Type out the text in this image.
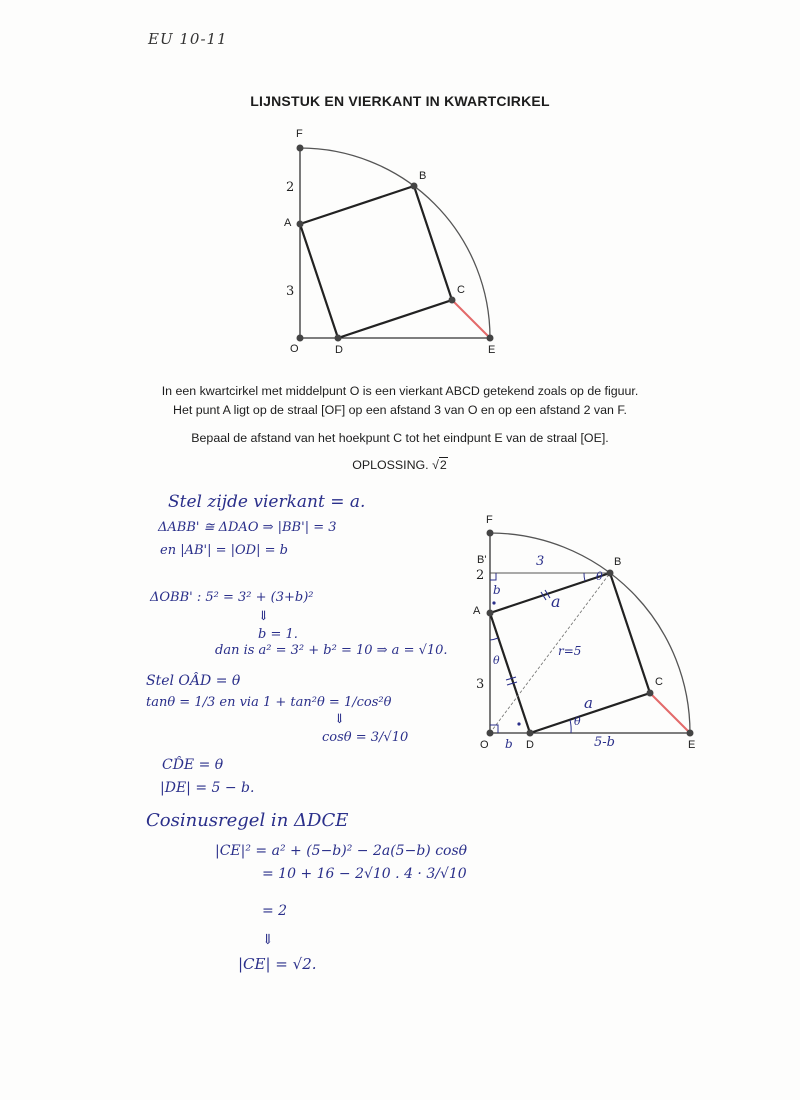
EU 10-11
LIJNSTUK EN VIERKANT IN KWARTCIRKEL
F
B
A
C
O	D	E
2
3
In een kwartcirkel met middelpunt O is een vierkant ABCD getekend zoals op de figuur.
Het punt A ligt op de straal [OF] op een afstand 3 van O en op een afstand 2 van F.
Bepaal de afstand van het hoekpunt C tot het eindpunt E van de straal [OE].
OPLOSSING. √2
F
B'	B
A
C
O	D	E
2
3
3
a
a
r=5
5-b
b
b
θ
θ
θ
Stel zijde vierkant = a.
ΔABB' ≅ ΔDAO ⇒ |BB'| = 3
en |AB'| = |OD| = b
ΔOBB' : 5² = 3² + (3+b)²
⇓
b = 1.
dan is a² = 3² + b² = 10 ⇒ a = √10.
Stel OÂD = θ
tanθ = 1/3 en via 1 + tan²θ = 1/cos²θ
⇓
cosθ = 3/√10
CD̂E = θ
|DE| = 5 − b.
Cosinusregel in ΔDCE
|CE|² = a² + (5−b)² − 2a(5−b) cosθ
= 10 + 16 − 2√10 . 4 · 3/√10
= 2
⇓
|CE| = √2.
